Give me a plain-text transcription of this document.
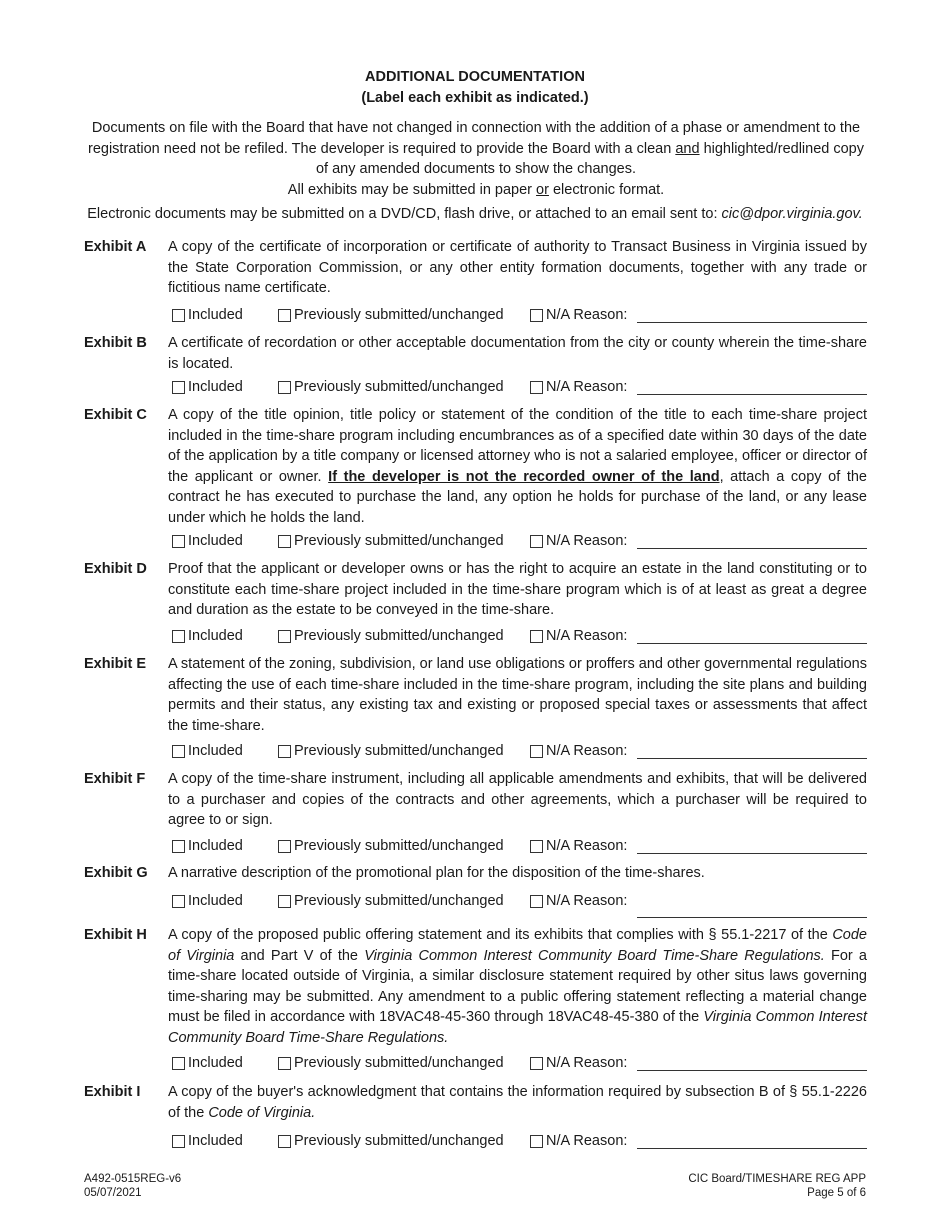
ADDITIONAL DOCUMENTATION
(Label each exhibit as indicated.)
Documents on file with the Board that have not changed in connection with the addition of a phase or amendment to the registration need not be refiled. The developer is required to provide the Board with a clean and highlighted/redlined copy of any amended documents to show the changes.
All exhibits may be submitted in paper or electronic format.
Electronic documents may be submitted on a DVD/CD, flash drive, or attached to an email sent to: cic@dpor.virginia.gov.
Exhibit A A copy of the certificate of incorporation or certificate of authority to Transact Business in Virginia issued by the State Corporation Commission, or any other entity formation documents, together with any trade or fictitious name certificate.
Included	Previously submitted/unchanged	N/A Reason:
Exhibit B A certificate of recordation or other acceptable documentation from the city or county wherein the time-share is located.
Included	Previously submitted/unchanged	N/A Reason:
Exhibit C A copy of the title opinion, title policy or statement of the condition of the title to each time-share project included in the time-share program including encumbrances as of a specified date within 30 days of the date of the application by a title company or licensed attorney who is not a salaried employee, officer or director of the applicant or owner. If the developer is not the recorded owner of the land, attach a copy of the contract he has executed to purchase the land, any option he holds for purchase of the land, or any lease under which he holds the land.
Included	Previously submitted/unchanged	N/A Reason:
Exhibit D Proof that the applicant or developer owns or has the right to acquire an estate in the land constituting or to constitute each time-share project included in the time-share program which is of at least as great a degree and duration as the estate to be conveyed in the time-share.
Included	Previously submitted/unchanged	N/A Reason:
Exhibit E A statement of the zoning, subdivision, or land use obligations or proffers and other governmental regulations affecting the use of each time-share included in the time-share program, including the site plans and building permits and their status, any existing tax and existing or proposed special taxes or assessments that affect the time-share.
Included	Previously submitted/unchanged	N/A Reason:
Exhibit F A copy of the time-share instrument, including all applicable amendments and exhibits, that will be delivered to a purchaser and copies of the contracts and other agreements, which a purchaser will be required to agree to or sign.
Included	Previously submitted/unchanged	N/A Reason:
Exhibit G A narrative description of the promotional plan for the disposition of the time-shares.
Included	Previously submitted/unchanged	N/A Reason:
Exhibit H A copy of the proposed public offering statement and its exhibits that complies with § 55.1-2217 of the Code of Virginia and Part V of the Virginia Common Interest Community Board Time-Share Regulations. For a time-share located outside of Virginia, a similar disclosure statement required by other situs laws governing time-sharing may be submitted. Any amendment to a public offering statement reflecting a material change must be filed in accordance with 18VAC48-45-360 through 18VAC48-45-380 of the Virginia Common Interest Community Board Time-Share Regulations.
Included	Previously submitted/unchanged	N/A Reason:
Exhibit I A copy of the buyer's acknowledgment that contains the information required by subsection B of § 55.1-2226 of the Code of Virginia.
Included	Previously submitted/unchanged	N/A Reason:
A492-0515REG-v6
05/07/2021
CIC Board/TIMESHARE REG APP
Page 5 of 6
